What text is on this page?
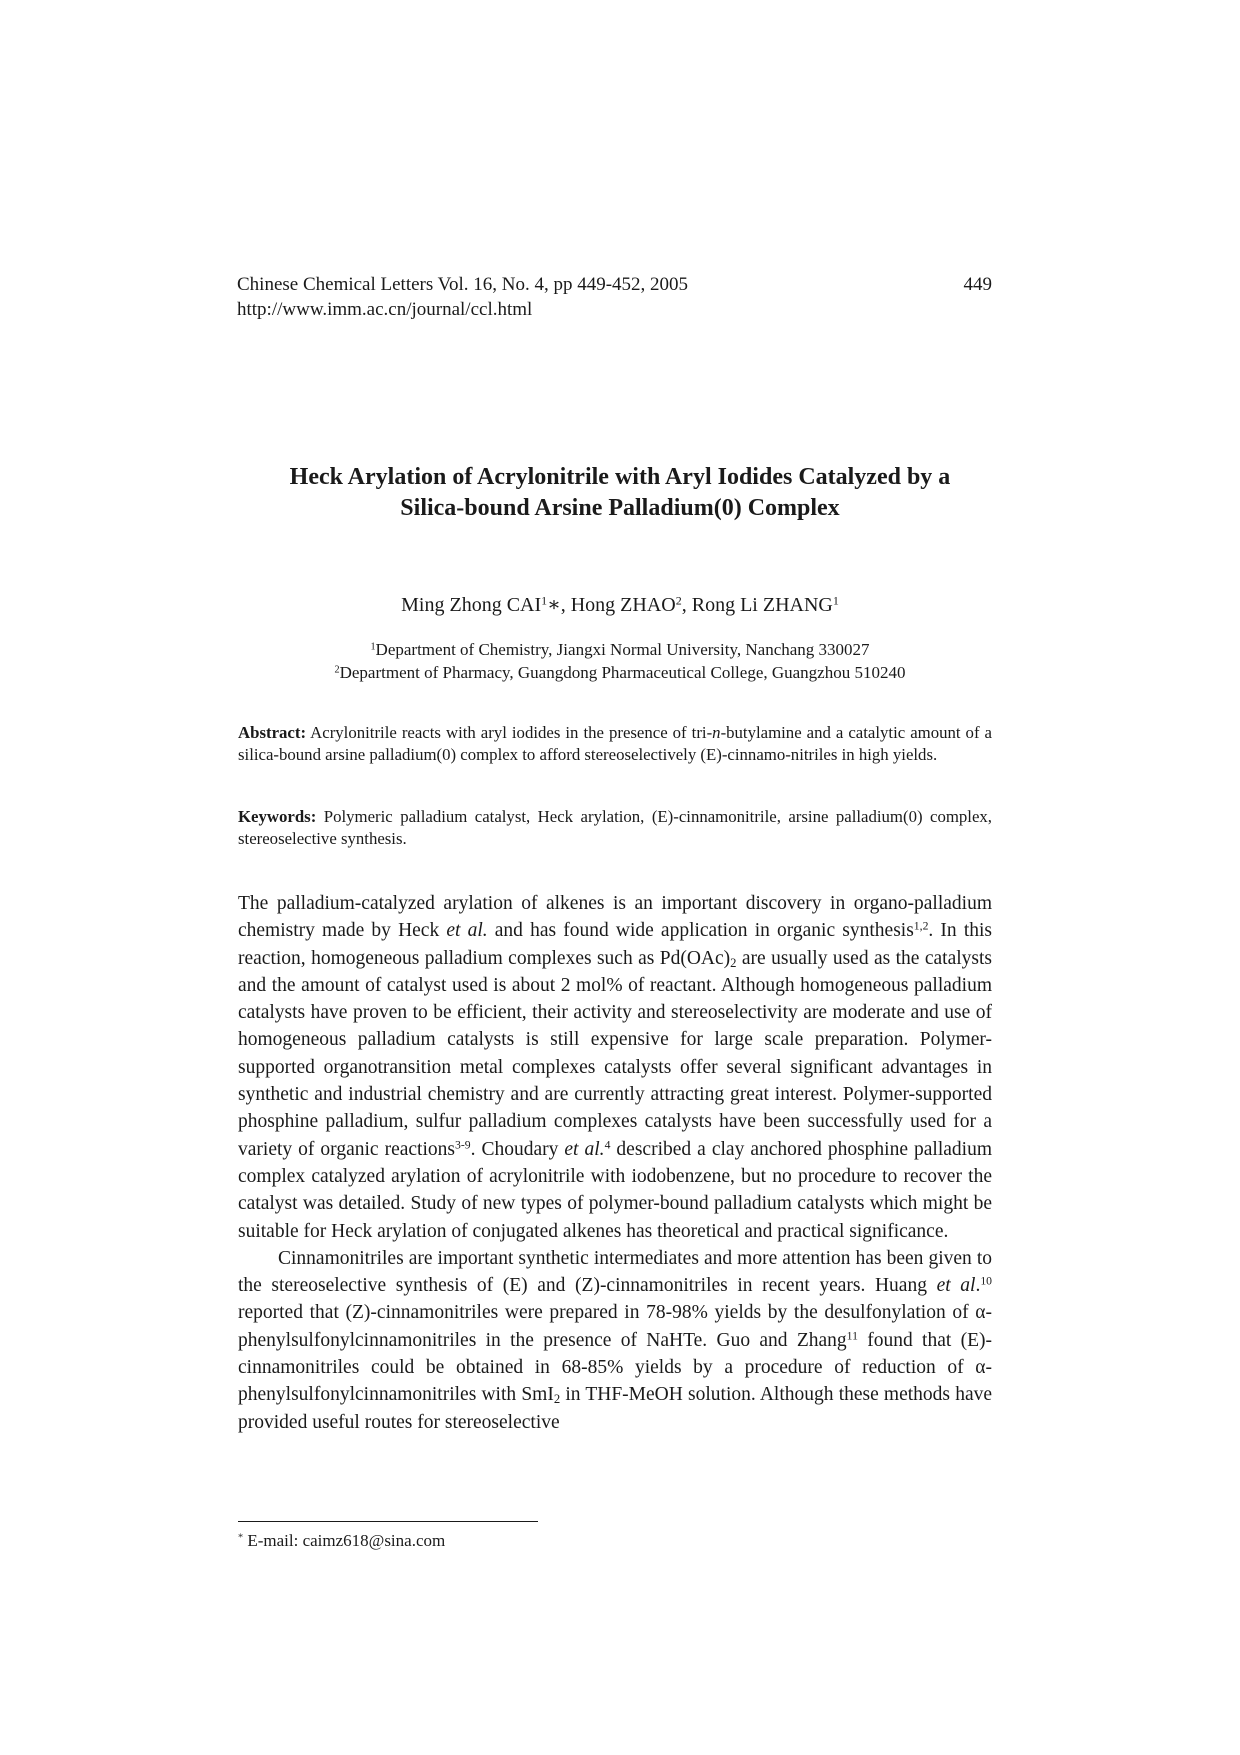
Chinese Chemical Letters Vol. 16, No. 4, pp 449-452, 2005	449
http://www.imm.ac.cn/journal/ccl.html
Heck Arylation of Acrylonitrile with Aryl Iodides Catalyzed by a
Silica-bound Arsine Palladium(0) Complex
Ming Zhong CAI$^1$∗, Hong ZHAO$^2$, Rong Li ZHANG$^1$
$^1$Department of Chemistry, Jiangxi Normal University, Nanchang 330027
$^2$Department of Pharmacy, Guangdong Pharmaceutical College, Guangzhou 510240
Abstract: Acrylonitrile reacts with aryl iodides in the presence of tri-n-butylamine and a catalytic amount of a silica-bound arsine palladium(0) complex to afford stereoselectively (E)-cinnamo-nitriles in high yields.
Keywords: Polymeric palladium catalyst, Heck arylation, (E)-cinnamonitrile, arsine palladium(0) complex, stereoselective synthesis.

The palladium-catalyzed arylation of alkenes is an important discovery in organo-palladium chemistry made by Heck et al. and has found wide application in organic synthesis$^{1,2}$. In this reaction, homogeneous palladium complexes such as $Pd(OAc)_2$ are usually used as the catalysts and the amount of catalyst used is about 2 mol% of reactant. Although homogeneous palladium catalysts have proven to be efficient, their activity and stereoselectivity are moderate and use of homogeneous palladium catalysts is still expensive for large scale preparation. Polymer-supported organotransition metal complexes catalysts offer several significant advantages in synthetic and industrial chemistry and are currently attracting great interest. Polymer-supported phosphine palladium, sulfur palladium complexes catalysts have been successfully used for a variety of organic reactions$^{3-9}$. Choudary et al.$^4$ described a clay anchored phosphine palladium complex catalyzed arylation of acrylonitrile with iodobenzene, but no procedure to recover the catalyst was detailed. Study of new types of polymer-bound palladium catalysts which might be suitable for Heck arylation of conjugated alkenes has theoretical and practical significance.

Cinnamonitriles are important synthetic intermediates and more attention has been given to the stereoselective synthesis of (E) and (Z)-cinnamonitriles in recent years. Huang et al.$^{10}$ reported that (Z)-cinnamonitriles were prepared in 78-98% yields by the desulfonylation of α-phenylsulfonylcinnamonitriles in the presence of NaHTe. Guo and Zhang$^{11}$ found that (E)-cinnamonitriles could be obtained in 68-85% yields by a procedure of reduction of α-phenylsulfonylcinnamonitriles with SmI$_2$ in THF-MeOH solution. Although these methods have provided useful routes for stereoselective

* E-mail: caimz618@sina.com
